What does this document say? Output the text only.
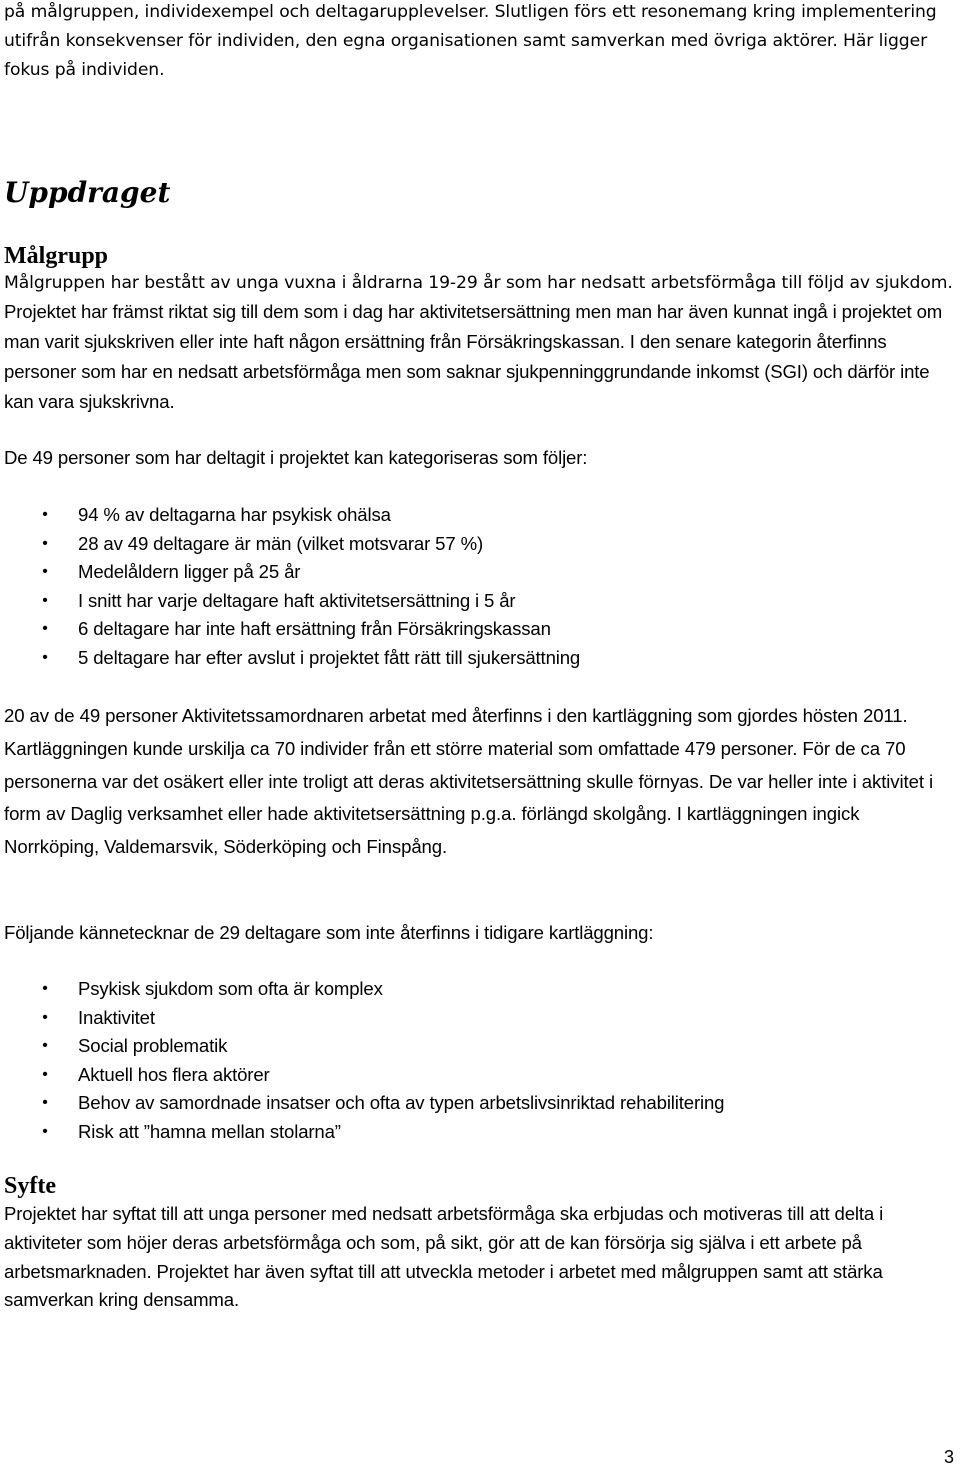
på målgruppen, individexempel och deltagarupplevelser. Slutligen förs ett resonemang kring implementering utifrån konsekvenser för individen, den egna organisationen samt samverkan med övriga aktörer. Här ligger fokus på individen.

Uppdraget
Målgrupp

Målgruppen har bestått av unga vuxna i åldrarna 19-29 år som har nedsatt arbetsförmåga till följd av sjukdom. Projektet har främst riktat sig till dem som i dag har aktivitetsersättning men man har även kunnat ingå i projektet om man varit sjukskriven eller inte haft någon ersättning från Försäkringskassan. I den senare kategorin återfinns personer som har en nedsatt arbetsförmåga men som saknar sjukpenninggrundande inkomst (SGI) och därför inte kan vara sjukskrivna.

De 49 personer som har deltagit i projektet kan kategoriseras som följer:

• 94 % av deltagarna har psykisk ohälsa
• 28 av 49 deltagare är män (vilket motsvarar 57 %)
• Medelåldern ligger på 25 år
• I snitt har varje deltagare haft aktivitetsersättning i 5 år
• 6 deltagare har inte haft ersättning från Försäkringskassan
• 5 deltagare har efter avslut i projektet fått rätt till sjukersättning

20 av de 49 personer Aktivitetssamordnaren arbetat med återfinns i den kartläggning som gjordes hösten 2011. Kartläggningen kunde urskilja ca 70 individer från ett större material som omfattade 479 personer. För de ca 70 personerna var det osäkert eller inte troligt att deras aktivitetsersättning skulle förnyas. De var heller inte i aktivitet i form av Daglig verksamhet eller hade aktivitetsersättning p.g.a. förlängd skolgång. I kartläggningen ingick Norrköping, Valdemarsvik, Söderköping och Finspång.

Följande kännetecknar de 29 deltagare som inte återfinns i tidigare kartläggning:

• Psykisk sjukdom som ofta är komplex
• Inaktivitet
• Social problematik
• Aktuell hos flera aktörer
• Behov av samordnade insatser och ofta av typen arbetslivsinriktad rehabilitering
• Risk att ”hamna mellan stolarna”
Syfte

Projektet har syftat till att unga personer med nedsatt arbetsförmåga ska erbjudas och motiveras till att delta i aktiviteter som höjer deras arbetsförmåga och som, på sikt, gör att de kan försörja sig själva i ett arbete på arbetsmarknaden. Projektet har även syftat till att utveckla metoder i arbetet med målgruppen samt att stärka samverkan kring densamma.

3
